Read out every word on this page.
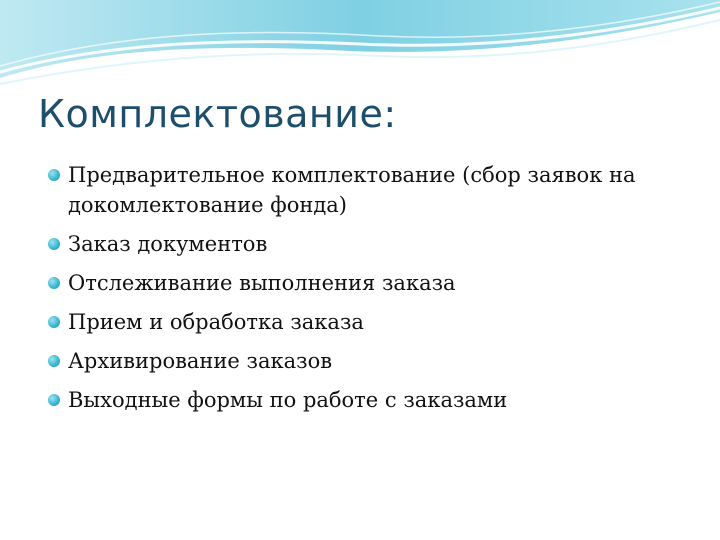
Комплектование:
Предварительное комплектование (сбор заявок на докомлектование фонда)
Заказ документов
Отслеживание выполнения заказа
Прием и обработка заказа
Архивирование заказов
Выходные формы по работе с заказами
